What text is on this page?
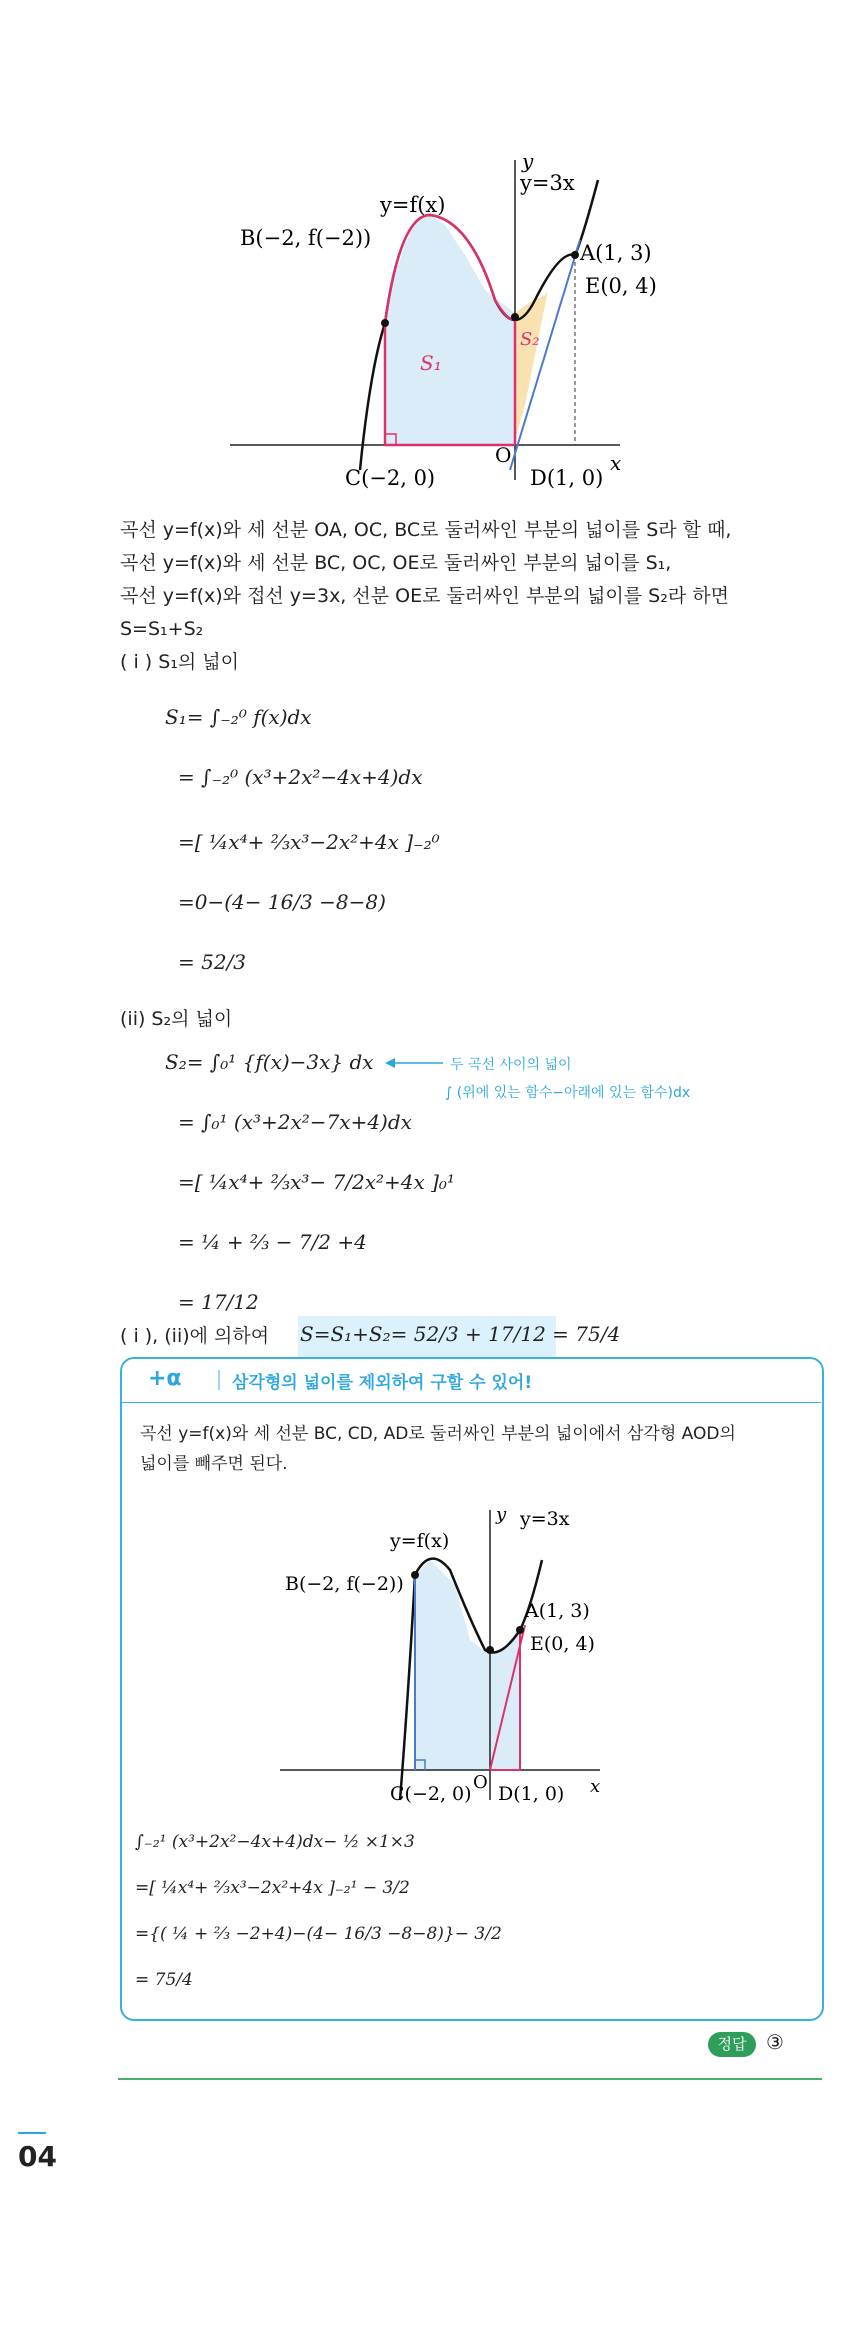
y
x
O
y=f(x)
y=3x
B(−2, f(−2))
A(1, 3)
E(0, 4)
C(−2, 0)	D(1, 0)
S₁
S₂
곡선 y=f(x)와 세 선분 OA, OC, BC로 둘러싸인 부분의 넓이를 S라 할 때,
곡선 y=f(x)와 세 선분 BC, OC, OE로 둘러싸인 부분의 넓이를 S₁,
곡선 y=f(x)와 접선 y=3x, 선분 OE로 둘러싸인 부분의 넓이를 S₂라 하면
S=S₁+S₂
( i ) S₁의 넓이
S₁= ∫₋₂⁰ f(x)dx
= ∫₋₂⁰ (x³+2x²−4x+4)dx
=[ ¼x⁴+ ⅔x³−2x²+4x ]₋₂⁰
=0−(4− 16/3 −8−8)
= 52/3
(ii) S₂의 넓이
S₂= ∫₀¹ {f(x)−3x} dx	두 곡선 사이의 넓이
∫ (위에 있는 함수−아래에 있는 함수)dx
= ∫₀¹ (x³+2x²−7x+4)dx
=[ ¼x⁴+ ⅔x³− 7/2x²+4x ]₀¹
= ¼ + ⅔ − 7/2 +4
= 17/12
( i ), (ii)에 의하여 S=S₁+S₂= 52/3 + 17/12 = 75/4
+α	삼각형의 넓이를 제외하여 구할 수 있어!
곡선 y=f(x)와 세 선분 BC, CD, AD로 둘러싸인 부분의 넓이에서 삼각형 AOD의
넓이를 빼주면 된다.
y
x
O
y=f(x)
y=3x
B(−2, f(−2))
A(1, 3)
E(0, 4)
C(−2, 0) D(1, 0)
∫₋₂¹ (x³+2x²−4x+4)dx− ½ ×1×3
=[ ¼x⁴+ ⅔x³−2x²+4x ]₋₂¹ − 3/2
={( ¼ + ⅔ −2+4)−(4− 16/3 −8−8)}− 3/2
= 75/4
정답 ③
04
